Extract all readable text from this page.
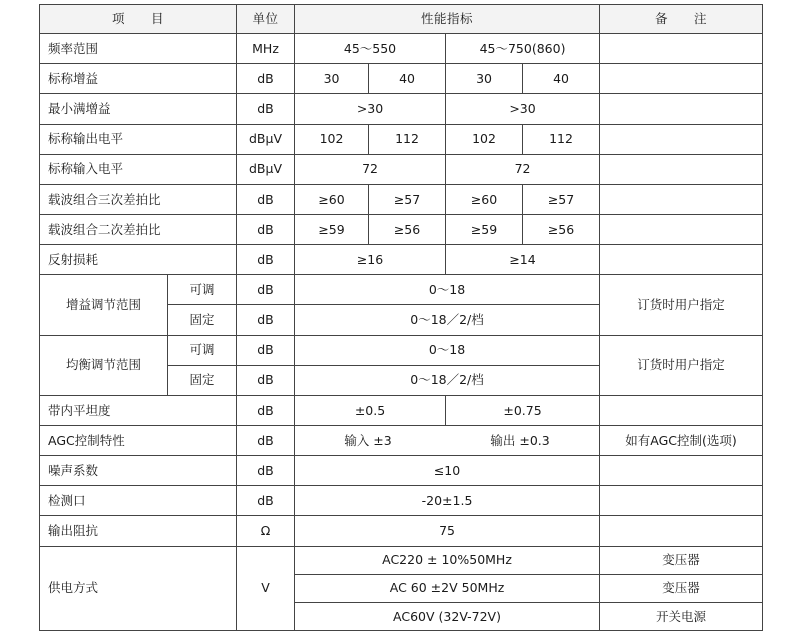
项　　目		单位	性能指标				备　　注
频率范围		MHz	45～550		45～750(860)		
标称增益		dB	30	40	30	40	
最小满增益		dB	>30		>30		
标称输出电平		dBμV	102	112	102	112	
标称输入电平		dBμV	72		72		
载波组合三次差拍比		dB	≥60	≥57	≥60	≥57	
载波组合二次差拍比		dB	≥59	≥56	≥59	≥56	
反射损耗		dB	≥16		≥14		
增益调节范围	可调	dB	0～18				订货时用户指定
	固定	dB	0～18／2/档				
均衡调节范围	可调	dB	0～18				订货时用户指定
	固定	dB	0～18／2/档				
带内平坦度		dB	±0.5		±0.75		
AGC控制特性		dB	输入 ±3 输出 ±0.3				如有AGC控制(选项)
噪声系数		dB	≤10				
检测口		dB	-20±1.5				
输出阻抗		Ω	75				
供电方式		V	AC220 ± 10%50MHz				变压器
			AC 60 ±2V 50MHz				变压器
			AC60V (32V-72V)				开关电源
